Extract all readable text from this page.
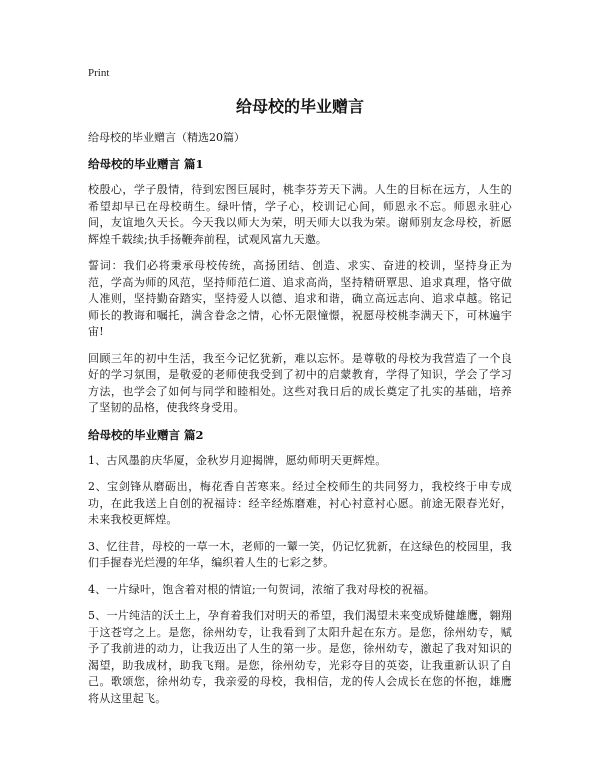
Print
给母校的毕业赠言
给母校的毕业赠言（精选20篇）
给母校的毕业赠言 篇1

校殷心，学子殷情，待到宏图巨展时，桃李芬芳天下满。人生的目标在远方，人生的希望却早已在母校萌生。绿叶情，学子心，校训记心间，师恩永不忘。师恩永驻心间，友谊地久天长。今天我以师大为荣，明天师大以我为荣。谢师别友念母校，祈愿辉煌千载续;执手扬鞭奔前程，试观风富九天邀。

誓词：我们必将秉承母校传统，高扬团结、创造、求实、奋进的校训，坚持身正为范，学高为师的风范，坚持师范仁道、追求高尚，坚持精研覃思、追求真理，恪守做人准则，坚持勤奋踏实，坚持爱人以德、追求和谐，确立高远志向、追求卓越。铭记师长的教诲和嘱托，满含眷念之情，心怀无限憧憬，祝愿母校桃李满天下，可林遍宇宙!

回顾三年的初中生活，我至今记忆犹新，难以忘怀。是尊敬的母校为我营造了一个良好的学习氛围，是敬爱的老师使我受到了初中的启蒙教育，学得了知识，学会了学习方法，也学会了如何与同学和睦相处。这些对我日后的成长奠定了扎实的基础，培养了坚韧的品格，使我终身受用。

给母校的毕业赠言 篇2

1、古风墨韵庆华厦，金秋岁月迎揭牌，愿幼师明天更辉煌。

2、宝剑锋从磨砺出，梅花香自苦寒来。经过全校师生的共同努力，我校终于申专成功，在此我送上自创的祝福诗：经辛经炼磨难，衬心衬意衬心愿。前途无限春光好，未来我校更辉煌。

3、忆往昔，母校的一草一木，老师的一颦一笑，仍记忆犹新，在这绿色的校园里，我们手握春光烂漫的年华，编织着人生的七彩之梦。

4、一片绿叶，饱含着对根的情谊;一句贺词，浓缩了我对母校的祝福。

5、一片纯洁的沃土上，孕育着我们对明天的希望，我们渴望未来变成矫健雄鹰，翱翔于这苍穹之上。是您，徐州幼专，让我看到了太阳升起在东方。是您，徐州幼专，赋予了我前进的动力，让我迈出了人生的第一步。是您，徐州幼专，激起了我对知识的渴望，助我成材，助我飞翔。是您，徐州幼专，光彩夺目的英姿，让我重新认识了自己。歌颂您，徐州幼专，我亲爱的母校，我相信，龙的传人会成长在您的怀抱，雄鹰将从这里起飞。
